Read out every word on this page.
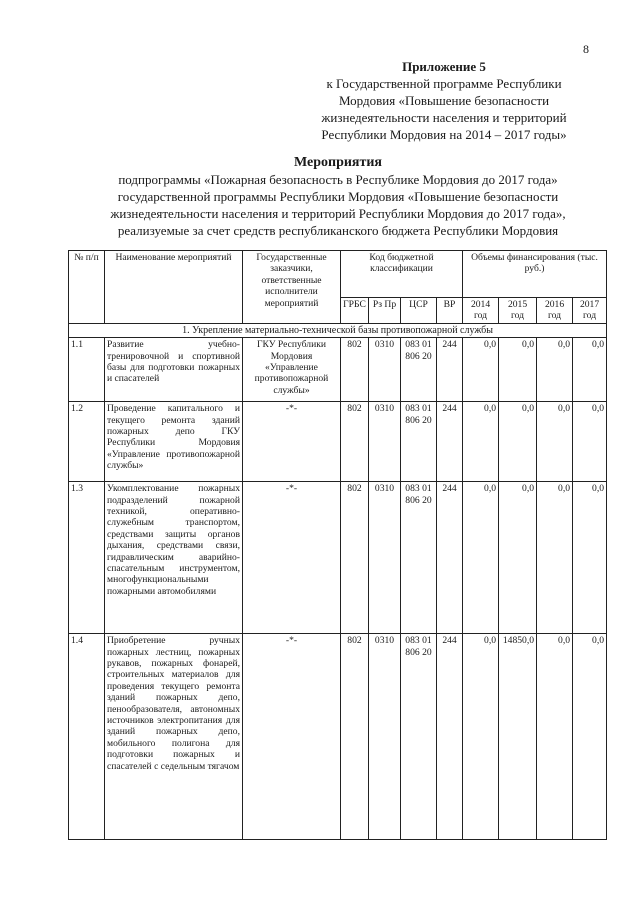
8
Приложение 5
к Государственной программе Республики
Мордовия «Повышение безопасности
жизнедеятельности населения и территорий
Республики Мордовия на 2014 – 2017 годы»
Мероприятия
подпрограммы «Пожарная безопасность в Республике Мордовия до 2017 года»
государственной программы Республики Мордовия «Повышение безопасности
жизнедеятельности населения и территорий Республики Мордовия до 2017 года»,
реализуемые за счет средств республиканского бюджета Республики Мордовия
№ п/п	Наименование мероприятий	Государственные заказчики, ответственные исполнители мероприятий	Код бюджетной классификации				Объемы финансирования (тыс. руб.)			
			ГРБС	Рз Пр	ЦСР	ВР	2014 год	2015 год	2016 год	2017 год
1. Укрепление материально-технической базы противопожарной службы										
1.1	Развитие учебно-тренировочной и спортивной базы для подготовки пожарных и спасателей	ГКУ Республики Мордовия «Управление противопожарной службы»	802	0310	083 01 806 20	244	0,0	0,0	0,0	0,0
1.2	Проведение капитального и текущего ремонта зданий пожарных депо ГКУ Республики Мордовия «Управление противопожарной службы»	-*-	802	0310	083 01 806 20	244	0,0	0,0	0,0	0,0
1.3	Укомплектование пожарных подразделений пожарной техникой, оперативно-служебным транспортом, средствами защиты органов дыхания, средствами связи, гидравлическим аварийно-спасательным инструментом, многофункциональными пожарными автомобилями	-*-	802	0310	083 01 806 20	244	0,0	0,0	0,0	0,0
1.4	Приобретение ручных пожарных лестниц, пожарных рукавов, пожарных фонарей, строительных материалов для проведения текущего ремонта зданий пожарных депо, пенообразователя, автономных источников электропитания для зданий пожарных депо, мобильного полигона для подготовки пожарных и спасателей с седельным тягачом	-*-	802	0310	083 01 806 20	244	0,0	14850,0	0,0	0,0
